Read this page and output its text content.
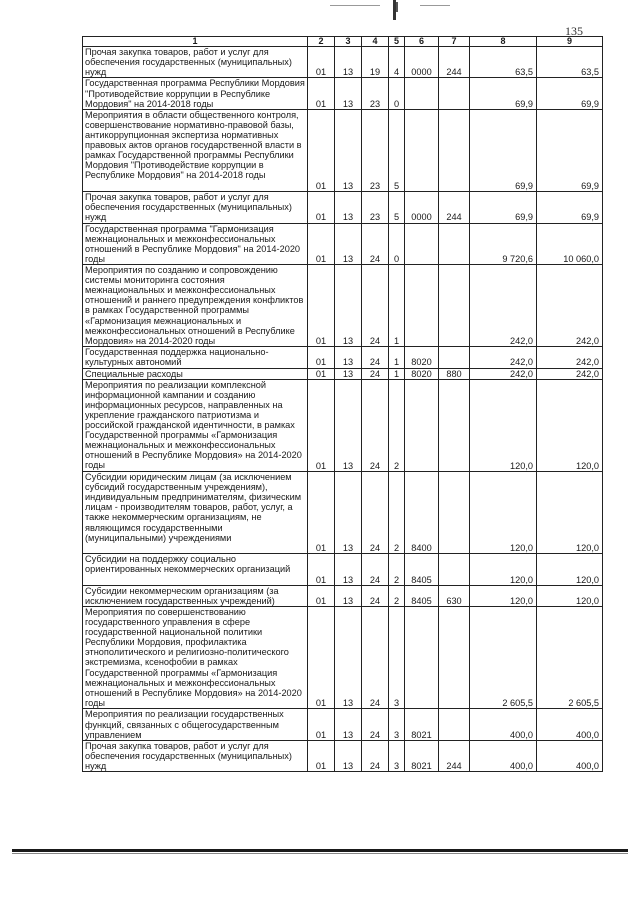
135
1	2	3	4	5	6	7	8	9
Прочая закупка товаров, работ и услуг для обеспечения государственных (муниципальных) нужд	01	13	19	4	0000	244	63,5	63,5
Государственная программа Республики Мордовия "Противодействие коррупции в Республике Мордовия" на 2014-2018 годы	01	13	23	0			69,9	69,9
Мероприятия в области общественного контроля, совершенствование нормативно-правовой базы, антикоррупционная экспертиза нормативных правовых актов органов государственной власти в рамках Государственной программы Республики Мордовия "Противодействие коррупции в Республике Мордовия" на 2014-2018 годы	01	13	23	5			69,9	69,9
Прочая закупка товаров, работ и услуг для обеспечения государственных (муниципальных) нужд	01	13	23	5	0000	244	69,9	69,9
Государственная программа "Гармонизация межнациональных и межконфессиональных отношений в Республике Мордовия" на 2014-2020 годы	01	13	24	0			9 720,6	10 060,0
Мероприятия по созданию и сопровождению системы мониторинга состояния межнациональных и межконфессиональных отношений и раннего предупреждения конфликтов в рамках Государственной программы «Гармонизация межнациональных и межконфессиональных отношений в Республике Мордовия» на 2014-2020 годы	01	13	24	1			242,0	242,0
Государственная поддержка национально-культурных автономий	01	13	24	1	8020		242,0	242,0
Специальные расходы	01	13	24	1	8020	880	242,0	242,0
Мероприятия по реализации комплексной информационной кампании и созданию информационных ресурсов, направленных на укрепление гражданского патриотизма и российской гражданской идентичности, в рамках Государственной программы «Гармонизация межнациональных и межконфессиональных отношений в Республике Мордовия» на 2014-2020 годы	01	13	24	2			120,0	120,0
Субсидии юридическим лицам (за исключением субсидий государственным учреждениям), индивидуальным предпринимателям, физическим лицам - производителям товаров, работ, услуг, а также некоммерческим организациям, не являющимся государственными (муниципальными) учреждениями	01	13	24	2	8400		120,0	120,0
Субсидии на поддержку социально ориентированных некоммерческих организаций	01	13	24	2	8405		120,0	120,0
Субсидии некоммерческим организациям (за исключением государственных учреждений)	01	13	24	2	8405	630	120,0	120,0
Мероприятия по совершенствованию государственного управления в сфере государственной национальной политики Республики Мордовия, профилактика этнополитического и религиозно-политического экстремизма, ксенофобии в рамках Государственной программы «Гармонизация межнациональных и межконфессиональных отношений в Республике Мордовия» на 2014-2020 годы	01	13	24	3			2 605,5	2 605,5
Мероприятия по реализации государственных функций, связанных с общегосударственным управлением	01	13	24	3	8021		400,0	400,0
Прочая закупка товаров, работ и услуг для обеспечения государственных (муниципальных) нужд	01	13	24	3	8021	244	400,0	400,0
